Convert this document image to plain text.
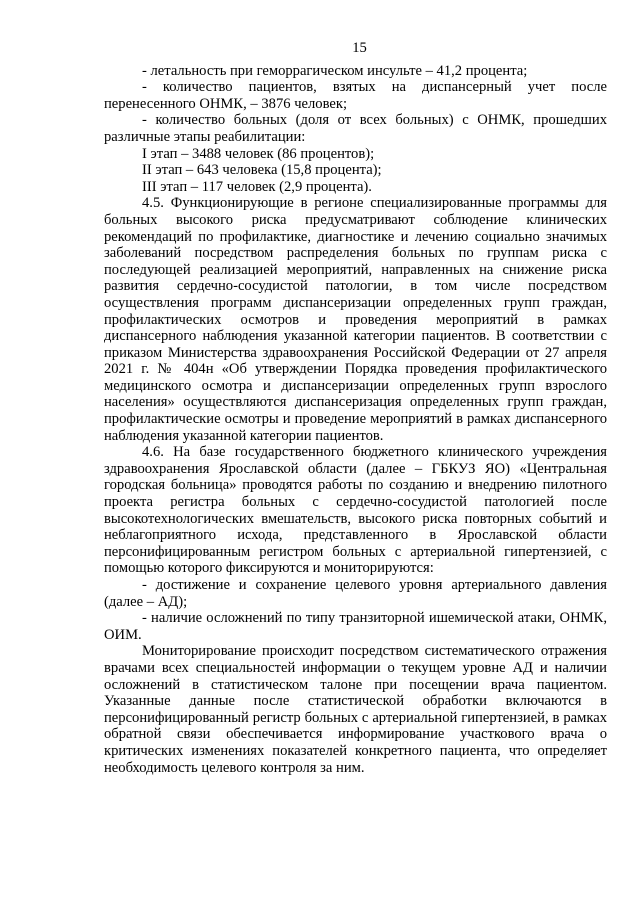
15

- летальность при геморрагическом инсульте – 41,2 процента;

- количество пациентов, взятых на диспансерный учет после перенесенного ОНМК, – 3876 человек;

- количество больных (доля от всех больных) с ОНМК, прошедших различные этапы реабилитации:

I этап – 3488 человек (86 процентов);

II этап – 643 человека (15,8 процента);

III этап – 117 человек (2,9 процента).

4.5. Функционирующие в регионе специализированные программы для больных высокого риска предусматривают соблюдение клинических рекомендаций по профилактике, диагностике и лечению социально значимых заболеваний посредством распределения больных по группам риска с последующей реализацией мероприятий, направленных на снижение риска развития сердечно-сосудистой патологии, в том числе посредством осуществления программ диспансеризации определенных групп граждан, профилактических осмотров и проведения мероприятий в рамках диспансерного наблюдения указанной категории пациентов. В соответствии с приказом Министерства здравоохранения Российской Федерации от 27 апреля 2021 г. № 404н «Об утверждении Порядка проведения профилактического медицинского осмотра и диспансеризации определенных групп взрослого населения» осуществляются диспансеризация определенных групп граждан, профилактические осмотры и проведение мероприятий в рамках диспансерного наблюдения указанной категории пациентов.

4.6. На базе государственного бюджетного клинического учреждения здравоохранения Ярославской области (далее – ГБКУЗ ЯО) «Центральная городская больница» проводятся работы по созданию и внедрению пилотного проекта регистра больных с сердечно-сосудистой патологией после высокотехнологических вмешательств, высокого риска повторных событий и неблагоприятного исхода, представленного в Ярославской области персонифицированным регистром больных с артериальной гипертензией, с помощью которого фиксируются и мониторируются:

- достижение и сохранение целевого уровня артериального давления (далее – АД);

- наличие осложнений по типу транзиторной ишемической атаки, ОНМК, ОИМ.

Мониторирование происходит посредством систематического отражения врачами всех специальностей информации о текущем уровне АД и наличии осложнений в статистическом талоне при посещении врача пациентом. Указанные данные после статистической обработки включаются в персонифицированный регистр больных с артериальной гипертензией, в рамках обратной связи обеспечивается информирование участкового врача о критических изменениях показателей конкретного пациента, что определяет необходимость целевого контроля за ним.
